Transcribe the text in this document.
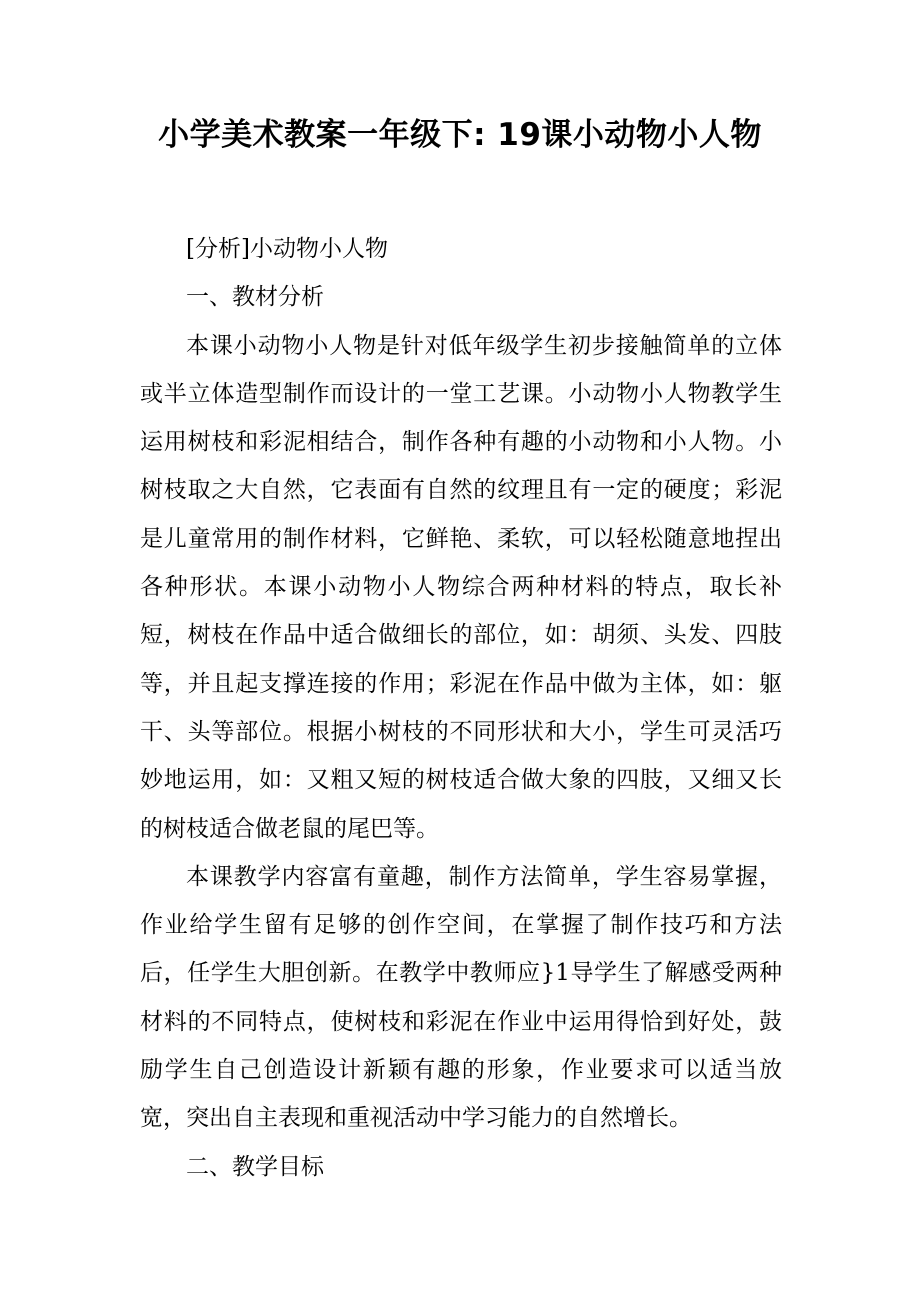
小学美术教案一年级下: 19课小动物小人物

[分析]小动物小人物

一、教材分析

本课小动物小人物是针对低年级学生初步接触简单的立体或半立体造型制作而设计的一堂工艺课。小动物小人物教学生运用树枝和彩泥相结合，制作各种有趣的小动物和小人物。小树枝取之大自然，它表面有自然的纹理且有一定的硬度；彩泥是儿童常用的制作材料，它鲜艳、柔软，可以轻松随意地捏出各种形状。本课小动物小人物综合两种材料的特点，取长补短，树枝在作品中适合做细长的部位，如：胡须、头发、四肢等，并且起支撑连接的作用；彩泥在作品中做为主体，如：躯干、头等部位。根据小树枝的不同形状和大小，学生可灵活巧妙地运用，如：又粗又短的树枝适合做大象的四肢，又细又长的树枝适合做老鼠的尾巴等。

本课教学内容富有童趣，制作方法简单，学生容易掌握，作业给学生留有足够的创作空间，在掌握了制作技巧和方法后，任学生大胆创新。在教学中教师应}1导学生了解感受两种材料的不同特点，使树枝和彩泥在作业中运用得恰到好处，鼓励学生自己创造设计新颖有趣的形象，作业要求可以适当放宽，突出自主表现和重视活动中学习能力的自然增长。

二、教学目标
